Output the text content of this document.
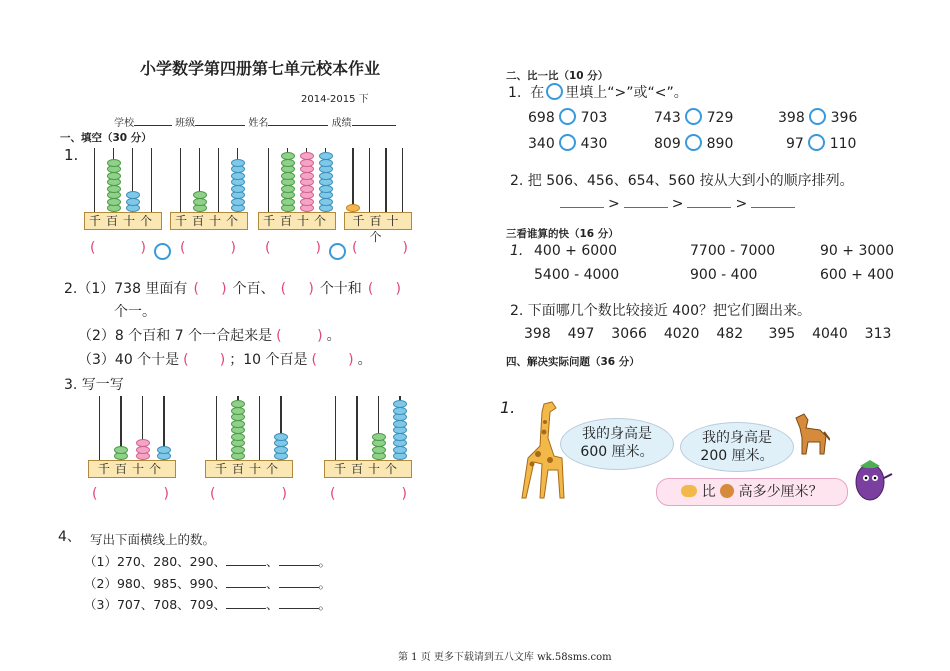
小学数学第四册第七单元校本作业
2014-2015 下
学校	班级	姓名	成绩
一、填空（30 分）
1.
千百十个	千百十个	千百十个	千百十个
(	) (	) (	) (	)
2.（1）738 里面有 (     ) 个百、 (     ) 个十和 (     )
个一。
（2）8 个百和 7 个一合起来是 (        ) 。
（3）40 个十是 (       ) ；10 个百是 (       ) 。
3. 写一写
千百十个	千百十个	千百十个
(	)	(	)	(	)
4、 写出下面横线上的数。
（1）270、280、290、	、	。
（2）980、985、990、	、	。
（3）707、708、709、	、	。
二、比一比（10 分）
1. 在 里填上“>”或“<”。
698 703	743 729	398 396
340 430	809 890	97 110
2. 把 506、456、654、560 按从大到小的顺序排列。
>	>	>
三看谁算的快（16 分）
1. 400 + 6000	7700 - 7000	90 + 3000
5400 - 4000	900 - 400	600 + 400
2. 下面哪几个数比较接近 400？把它们圈出来。
398 497 3066 4020 482 395 4040 313
四、解决实际问题（36 分）
1.
我的身高是
600 厘米。
我的身高是
200 厘米。
比 高多少厘米？
第 1 页 更多下载请到五八文库 wk.58sms.com
